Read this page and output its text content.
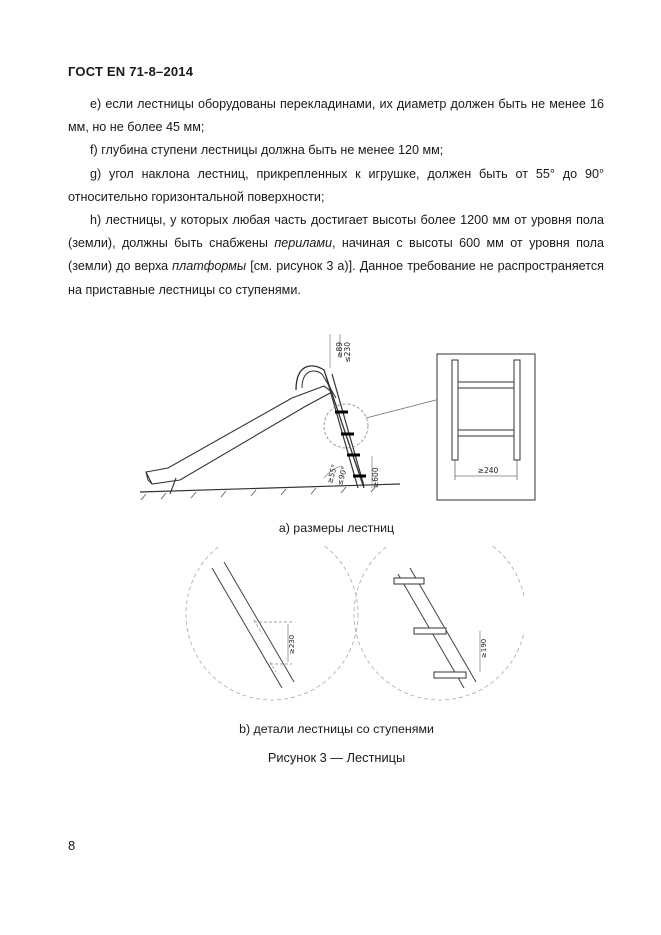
ГОСТ EN 71-8–2014

е) если лестницы оборудованы перекладинами, их диаметр должен быть не менее 16 мм, но не более 45 мм;

f) глубина ступени лестницы должна быть не менее 120 мм;

g) угол наклона лестниц, прикрепленных к игрушке, должен быть от 55° до 90° относительно горизонтальной поверхности;

h) лестницы, у которых любая часть достигает высоты более 1200 мм от уровня пола (земли), должны быть снабжены перилами, начиная с высоты 600 мм от уровня пола (земли) до верха платформы [см. рисунок 3 а)]. Данное требование не распространяется на приставные лестницы со ступенями.

≥89 ≤230
≥55°
≤90°	≥600	≥240
а) размеры лестниц
≥230	≥190
b) детали лестницы со ступенями
Рисунок 3 — Лестницы
8
